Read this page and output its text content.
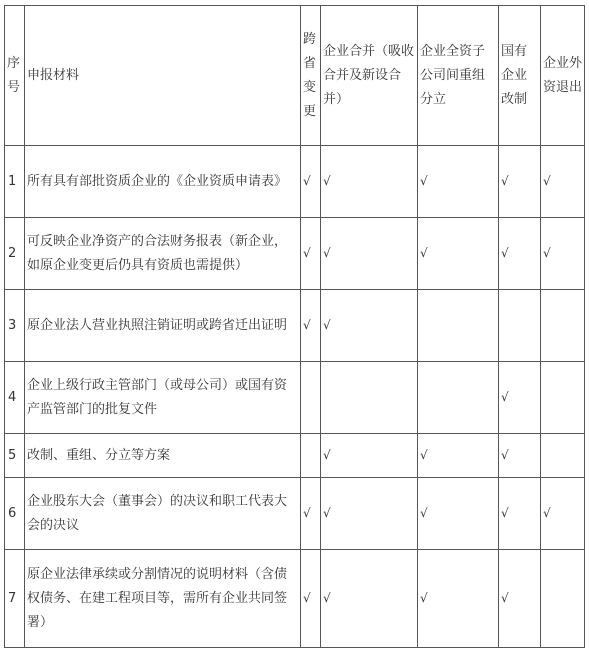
序号	申报材料	跨省变更	企业合并（吸收合并及新设合并）	企业全资子公司间重组分立	国有企业改制	企业外资退出
1	所有具有部批资质企业的《企业资质申请表》	√	√	√	√	√
2	可反映企业净资产的合法财务报表（新企业，如原企业变更后仍具有资质也需提供）	√	√	√	√	√
3	原企业法人营业执照注销证明或跨省迁出证明	√	√			
4	企业上级行政主管部门（或母公司）或国有资产监管部门的批复文件				√	
5	改制、重组、分立等方案		√	√	√	
6	企业股东大会（董事会）的决议和职工代表大会的决议	√	√	√	√	√
7	原企业法律承续或分割情况的说明材料（含债权债务、在建工程项目等，需所有企业共同签署）	√	√	√	√	
